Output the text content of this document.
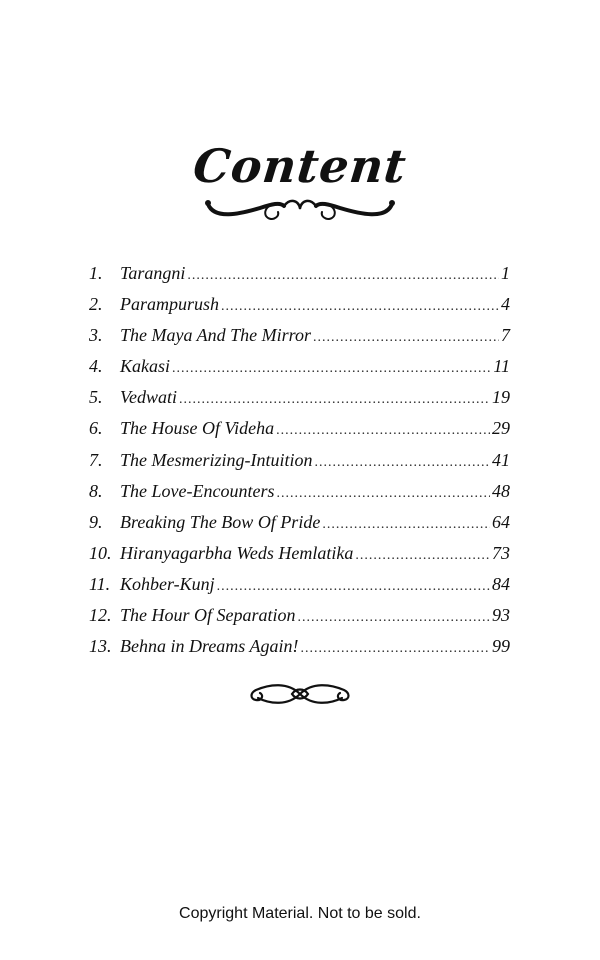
Content
1. Tarangni .....	1
2. Parampurush .....	4
3. The Maya And The Mirror .....	7
4. Kakasi .....	11
5. Vedwati .....	19
6. The House Of Videha .....	29
7. The Mesmerizing-Intuition .....	41
8. The Love-Encounters .....	48
9. Breaking The Bow Of Pride .....	64
10. Hiranyagarbha Weds Hemlatika .....	73
11. Kohber-Kunj .....	84
12. The Hour Of Separation .....	93
13. Behna in Dreams Again! .....	99
Copyright Material. Not to be sold.
